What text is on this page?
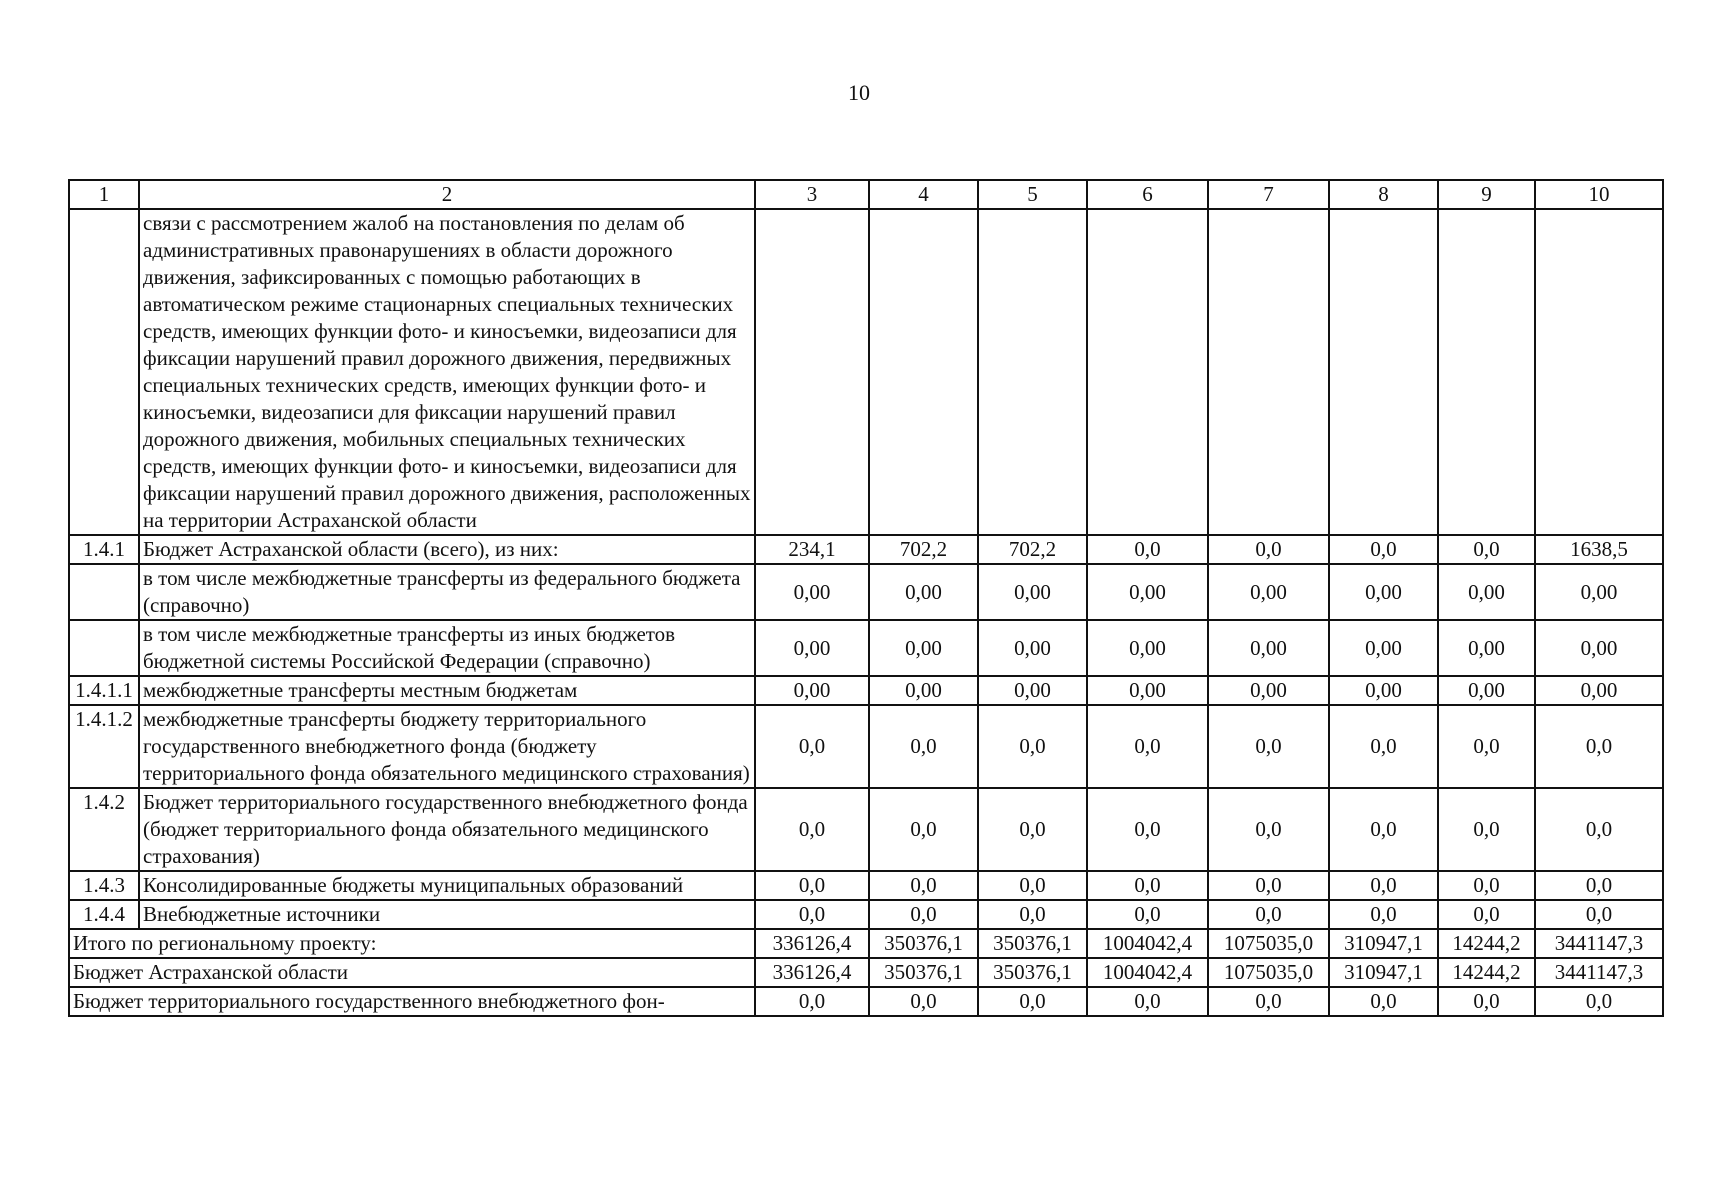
10
1	2	3	4	5	6	7	8	9	10
	связи с рассмотрением жалоб на постановления по делам об административных правонарушениях в области дорожного движения, зафиксированных с помощью работающих в автоматическом режиме стационарных специальных технических средств, имеющих функции фото- и киносъемки, видеозаписи для фиксации нарушений правил дорожного движения, передвижных специальных технических средств, имеющих функции фото- и киносъемки, видеозаписи для фиксации нарушений правил дорожного движения, мобильных специальных технических средств, имеющих функции фото- и киносъемки, видеозаписи для фиксации нарушений правил дорожного движения, расположенных на территории Астраханской области								
1.4.1	Бюджет Астраханской области (всего), из них:	234,1	702,2	702,2	0,0	0,0	0,0	0,0	1638,5
	в том числе межбюджетные трансферты из федерального бюджета (справочно)	0,00	0,00	0,00	0,00	0,00	0,00	0,00	0,00
	в том числе межбюджетные трансферты из иных бюджетов бюджетной системы Российской Федерации (справочно)	0,00	0,00	0,00	0,00	0,00	0,00	0,00	0,00
1.4.1.1	межбюджетные трансферты местным бюджетам	0,00	0,00	0,00	0,00	0,00	0,00	0,00	0,00
1.4.1.2	межбюджетные трансферты бюджету территориального государственного внебюджетного фонда (бюджету территориального фонда обязательного медицинского страхования)	0,0	0,0	0,0	0,0	0,0	0,0	0,0	0,0
1.4.2	Бюджет территориального государственного внебюджетного фонда (бюджет территориального фонда обязательного медицинского страхования)	0,0	0,0	0,0	0,0	0,0	0,0	0,0	0,0
1.4.3	Консолидированные бюджеты муниципальных образований	0,0	0,0	0,0	0,0	0,0	0,0	0,0	0,0
1.4.4	Внебюджетные источники	0,0	0,0	0,0	0,0	0,0	0,0	0,0	0,0
Итого по региональному проекту:		336126,4	350376,1	350376,1	1004042,4	1075035,0	310947,1	14244,2	3441147,3
Бюджет Астраханской области		336126,4	350376,1	350376,1	1004042,4	1075035,0	310947,1	14244,2	3441147,3
Бюджет территориального государственного внебюджетного фон-		0,0	0,0	0,0	0,0	0,0	0,0	0,0	0,0
